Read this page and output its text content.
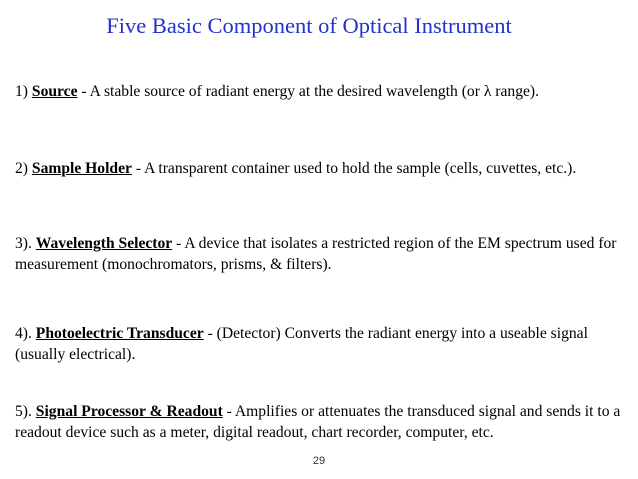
Five Basic Component of Optical Instrument
1) Source - A stable source of radiant energy at the desired wavelength (or λ range).
2) Sample Holder - A transparent container used to hold the sample (cells, cuvettes, etc.).
3). Wavelength Selector - A device that isolates a restricted region of the EM spectrum used for measurement (monochromators, prisms, & filters).
4). Photoelectric Transducer - (Detector) Converts the radiant energy into a useable signal (usually electrical).
5). Signal Processor & Readout - Amplifies or attenuates the transduced signal and sends it to a readout device such as a meter, digital readout, chart recorder, computer, etc.
29
